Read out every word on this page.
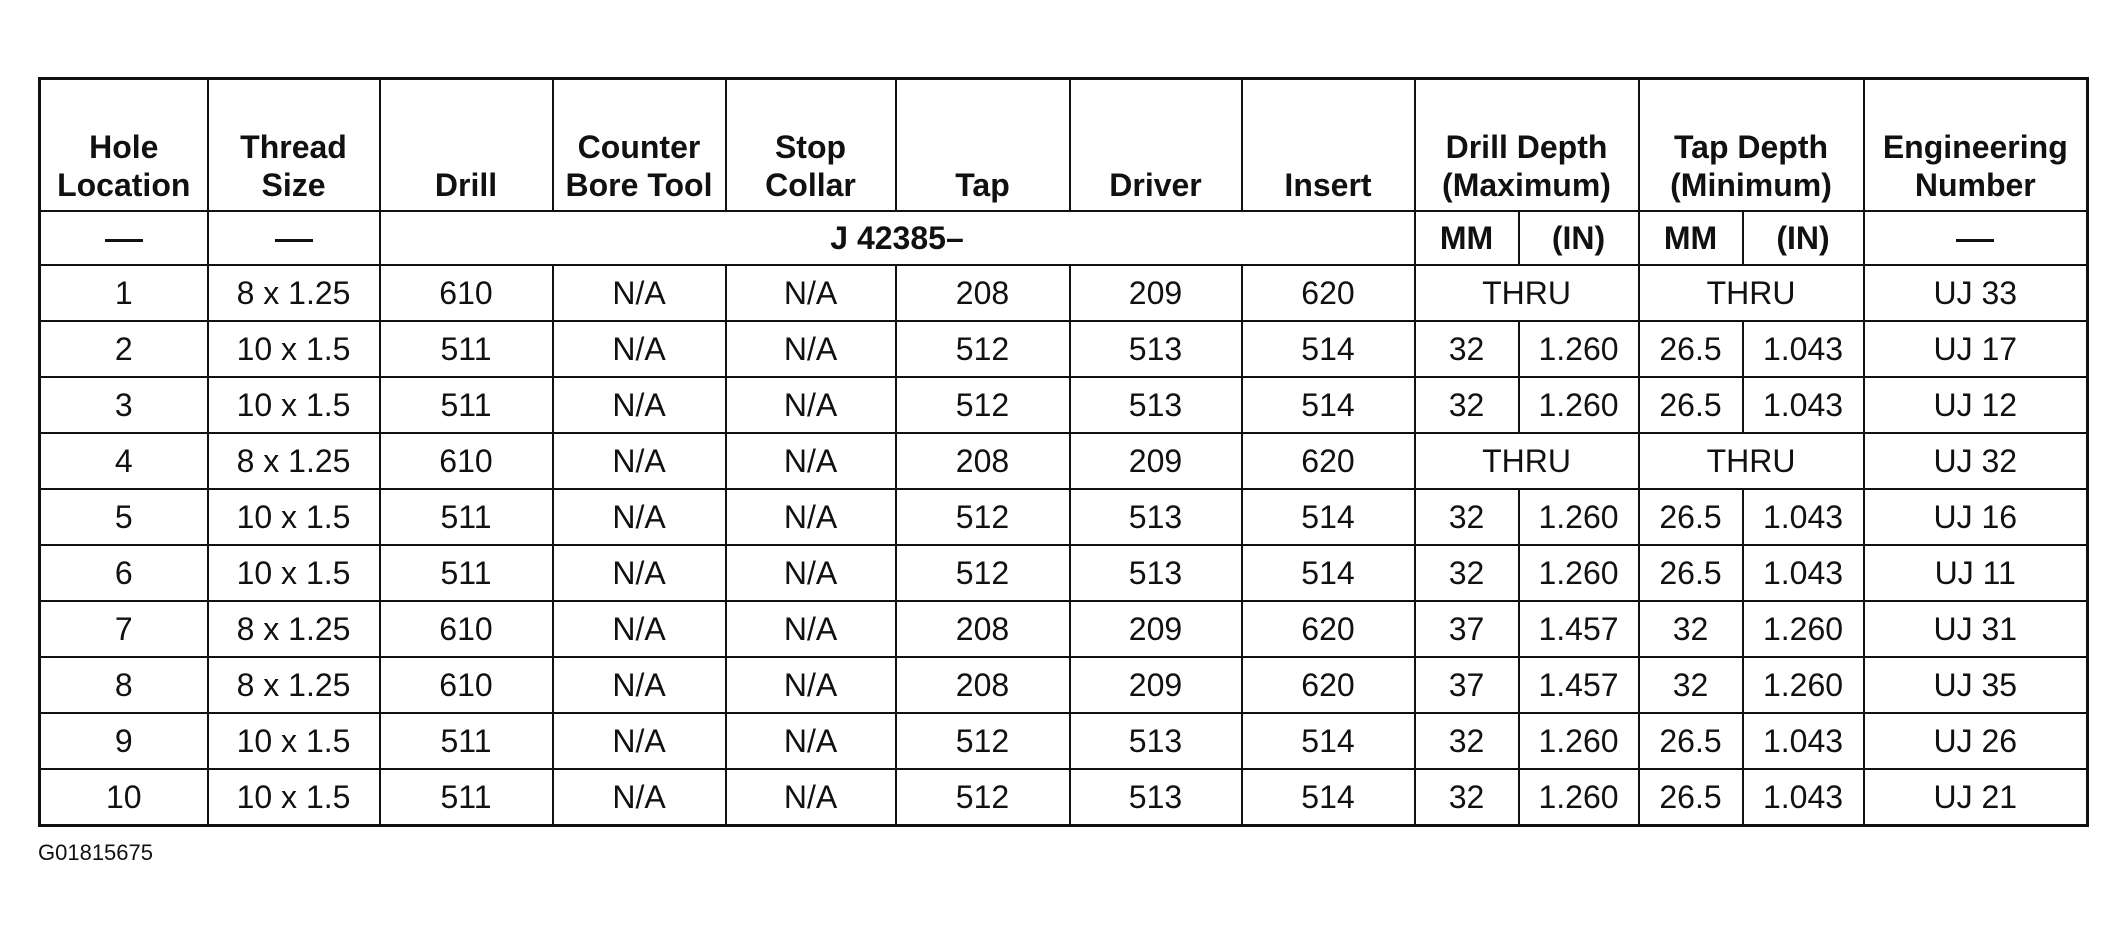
Hole Location	Thread Size	Drill	Counter Bore Tool	Stop Collar	Tap	Driver	Insert	Drill Depth (Maximum)		Tap Depth (Minimum)		Engineering Number
		J 42385–						MM	(IN)	MM	(IN)	
1	8 x 1.25	610	N/A	N/A	208	209	620	THRU		THRU		UJ 33
2	10 x 1.5	511	N/A	N/A	512	513	514	32	1.260	26.5	1.043	UJ 17
3	10 x 1.5	511	N/A	N/A	512	513	514	32	1.260	26.5	1.043	UJ 12
4	8 x 1.25	610	N/A	N/A	208	209	620	THRU		THRU		UJ 32
5	10 x 1.5	511	N/A	N/A	512	513	514	32	1.260	26.5	1.043	UJ 16
6	10 x 1.5	511	N/A	N/A	512	513	514	32	1.260	26.5	1.043	UJ 11
7	8 x 1.25	610	N/A	N/A	208	209	620	37	1.457	32	1.260	UJ 31
8	8 x 1.25	610	N/A	N/A	208	209	620	37	1.457	32	1.260	UJ 35
9	10 x 1.5	511	N/A	N/A	512	513	514	32	1.260	26.5	1.043	UJ 26
10	10 x 1.5	511	N/A	N/A	512	513	514	32	1.260	26.5	1.043	UJ 21
G01815675
